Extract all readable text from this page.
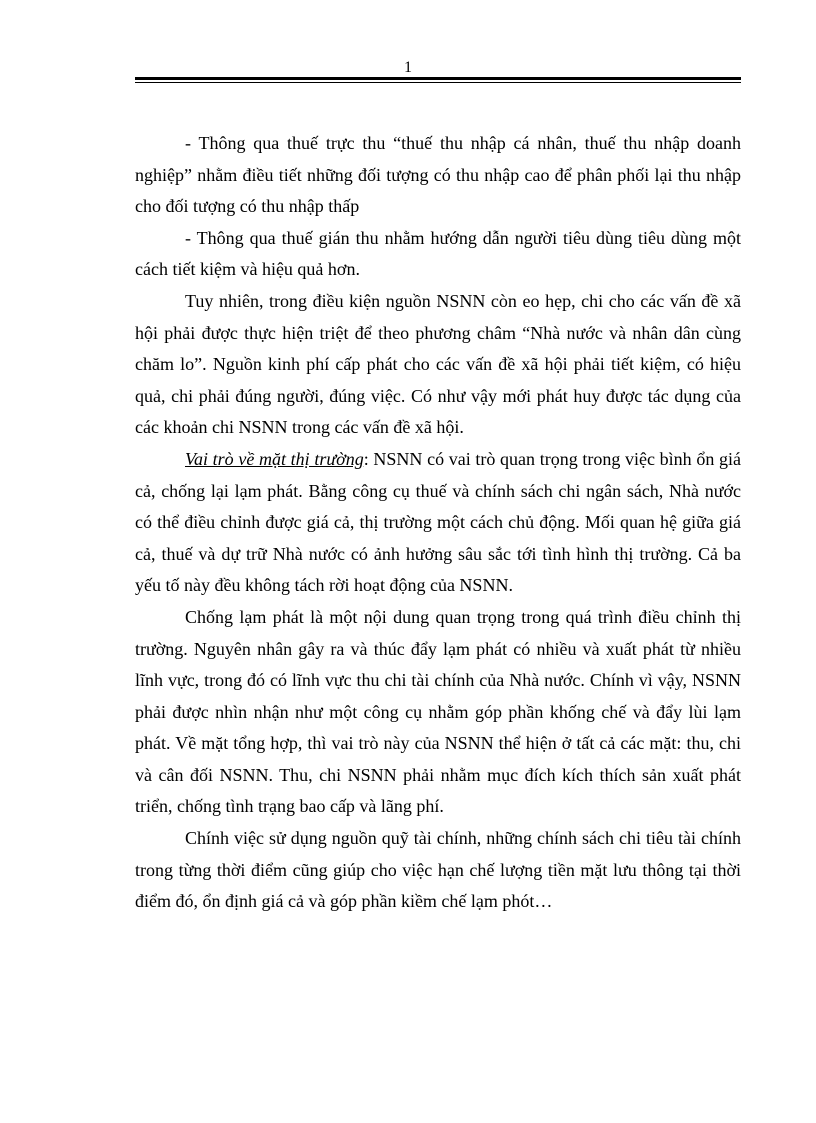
1

- Thông qua thuế trực thu “thuế thu nhập cá nhân, thuế thu nhập doanh nghiệp” nhằm điều tiết những đối tượng có thu nhập cao để phân phối lại thu nhập cho đối tượng có thu nhập thấp

- Thông qua thuế gián thu nhằm hướng dẫn người tiêu dùng tiêu dùng một cách tiết kiệm và hiệu quả hơn.

Tuy nhiên, trong điều kiện nguồn NSNN còn eo hẹp, chi cho các vấn đề xã hội phải được thực hiện triệt để theo phương châm “Nhà nước và nhân dân cùng chăm lo”. Nguồn kinh phí cấp phát cho các vấn đề xã hội phải tiết kiệm, có hiệu quả, chi phải đúng người, đúng việc. Có như vậy mới phát huy được tác dụng của các khoản chi NSNN trong các vấn đề xã hội.

Vai trò về mặt thị trường: NSNN có vai trò quan trọng trong việc bình ổn giá cả, chống lại lạm phát. Bằng công cụ thuế và chính sách chi ngân sách, Nhà nước có thể điều chỉnh được giá cả, thị trường một cách chủ động. Mối quan hệ giữa giá cả, thuế và dự trữ Nhà nước có ảnh hưởng sâu sắc tới tình hình thị trường. Cả ba yếu tố này đều không tách rời hoạt động của NSNN.

Chống lạm phát là một nội dung quan trọng trong quá trình điều chỉnh thị trường. Nguyên nhân gây ra và thúc đẩy lạm phát có nhiều và xuất phát từ nhiều lĩnh vực, trong đó có lĩnh vực thu chi tài chính của Nhà nước. Chính vì vậy, NSNN phải được nhìn nhận như một công cụ nhằm góp phần khống chế và đẩy lùi lạm phát. Về mặt tổng hợp, thì vai trò này của NSNN thể hiện ở tất cả các mặt: thu, chi và cân đối NSNN. Thu, chi NSNN phải nhằm mục đích kích thích sản xuất phát triển, chống tình trạng bao cấp và lãng phí.

Chính việc sử dụng nguồn quỹ tài chính, những chính sách chi tiêu tài chính trong từng thời điểm cũng giúp cho việc hạn chế lượng tiền mặt lưu thông tại thời điểm đó, ổn định giá cả và góp phần kiềm chế lạm phót…
